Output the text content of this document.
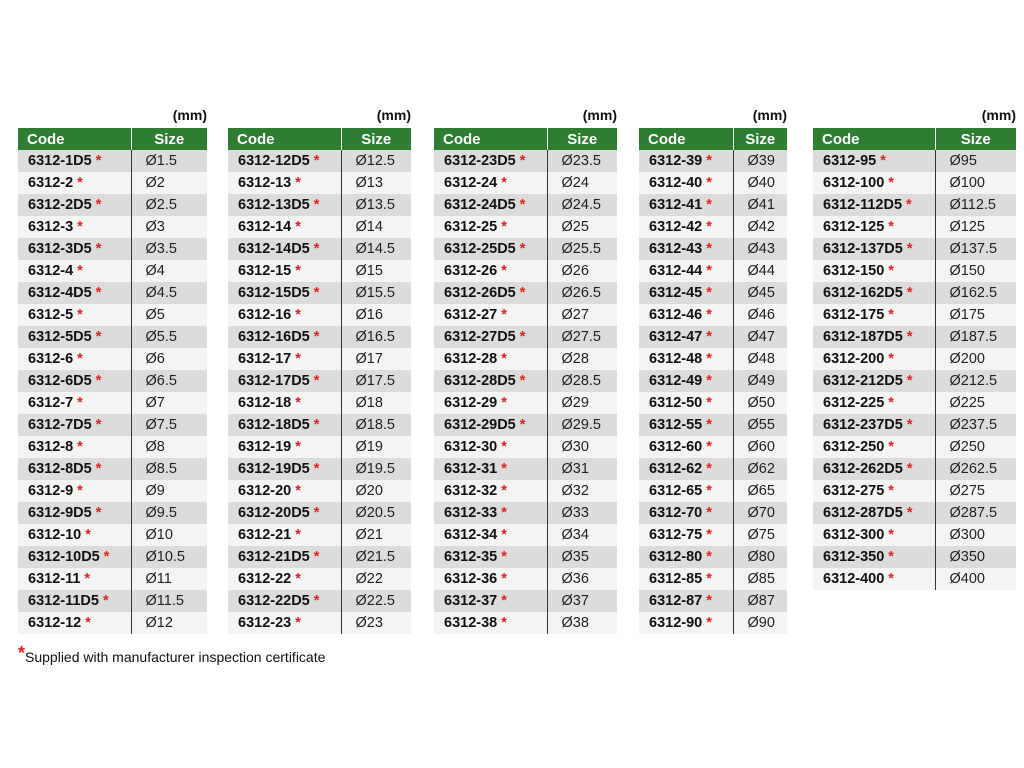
(mm)
Code	Size
6312-1D5 *	Ø1.5
6312-2 *	Ø2
6312-2D5 *	Ø2.5
6312-3 *	Ø3
6312-3D5 *	Ø3.5
6312-4 *	Ø4
6312-4D5 *	Ø4.5
6312-5 *	Ø5
6312-5D5 *	Ø5.5
6312-6 *	Ø6
6312-6D5 *	Ø6.5
6312-7 *	Ø7
6312-7D5 *	Ø7.5
6312-8 *	Ø8
6312-8D5 *	Ø8.5
6312-9 *	Ø9
6312-9D5 *	Ø9.5
6312-10 *	Ø10
6312-10D5 *	Ø10.5
6312-11 *	Ø11
6312-11D5 *	Ø11.5
6312-12 *	Ø12
(mm)
Code	Size
6312-12D5 *	Ø12.5
6312-13 *	Ø13
6312-13D5 *	Ø13.5
6312-14 *	Ø14
6312-14D5 *	Ø14.5
6312-15 *	Ø15
6312-15D5 *	Ø15.5
6312-16 *	Ø16
6312-16D5 *	Ø16.5
6312-17 *	Ø17
6312-17D5 *	Ø17.5
6312-18 *	Ø18
6312-18D5 *	Ø18.5
6312-19 *	Ø19
6312-19D5 *	Ø19.5
6312-20 *	Ø20
6312-20D5 *	Ø20.5
6312-21 *	Ø21
6312-21D5 *	Ø21.5
6312-22 *	Ø22
6312-22D5 *	Ø22.5
6312-23 *	Ø23
(mm)
Code	Size
6312-23D5 *	Ø23.5
6312-24 *	Ø24
6312-24D5 *	Ø24.5
6312-25 *	Ø25
6312-25D5 *	Ø25.5
6312-26 *	Ø26
6312-26D5 *	Ø26.5
6312-27 *	Ø27
6312-27D5 *	Ø27.5
6312-28 *	Ø28
6312-28D5 *	Ø28.5
6312-29 *	Ø29
6312-29D5 *	Ø29.5
6312-30 *	Ø30
6312-31 *	Ø31
6312-32 *	Ø32
6312-33 *	Ø33
6312-34 *	Ø34
6312-35 *	Ø35
6312-36 *	Ø36
6312-37 *	Ø37
6312-38 *	Ø38
(mm)
Code	Size
6312-39 *	Ø39
6312-40 *	Ø40
6312-41 *	Ø41
6312-42 *	Ø42
6312-43 *	Ø43
6312-44 *	Ø44
6312-45 *	Ø45
6312-46 *	Ø46
6312-47 *	Ø47
6312-48 *	Ø48
6312-49 *	Ø49
6312-50 *	Ø50
6312-55 *	Ø55
6312-60 *	Ø60
6312-62 *	Ø62
6312-65 *	Ø65
6312-70 *	Ø70
6312-75 *	Ø75
6312-80 *	Ø80
6312-85 *	Ø85
6312-87 *	Ø87
6312-90 *	Ø90
(mm)
Code	Size
6312-95 *	Ø95
6312-100 *	Ø100
6312-112D5 *	Ø112.5
6312-125 *	Ø125
6312-137D5 *	Ø137.5
6312-150 *	Ø150
6312-162D5 *	Ø162.5
6312-175 *	Ø175
6312-187D5 *	Ø187.5
6312-200 *	Ø200
6312-212D5 *	Ø212.5
6312-225 *	Ø225
6312-237D5 *	Ø237.5
6312-250 *	Ø250
6312-262D5 *	Ø262.5
6312-275 *	Ø275
6312-287D5 *	Ø287.5
6312-300 *	Ø300
6312-350 *	Ø350
6312-400 *	Ø400
*Supplied with manufacturer inspection certificate
